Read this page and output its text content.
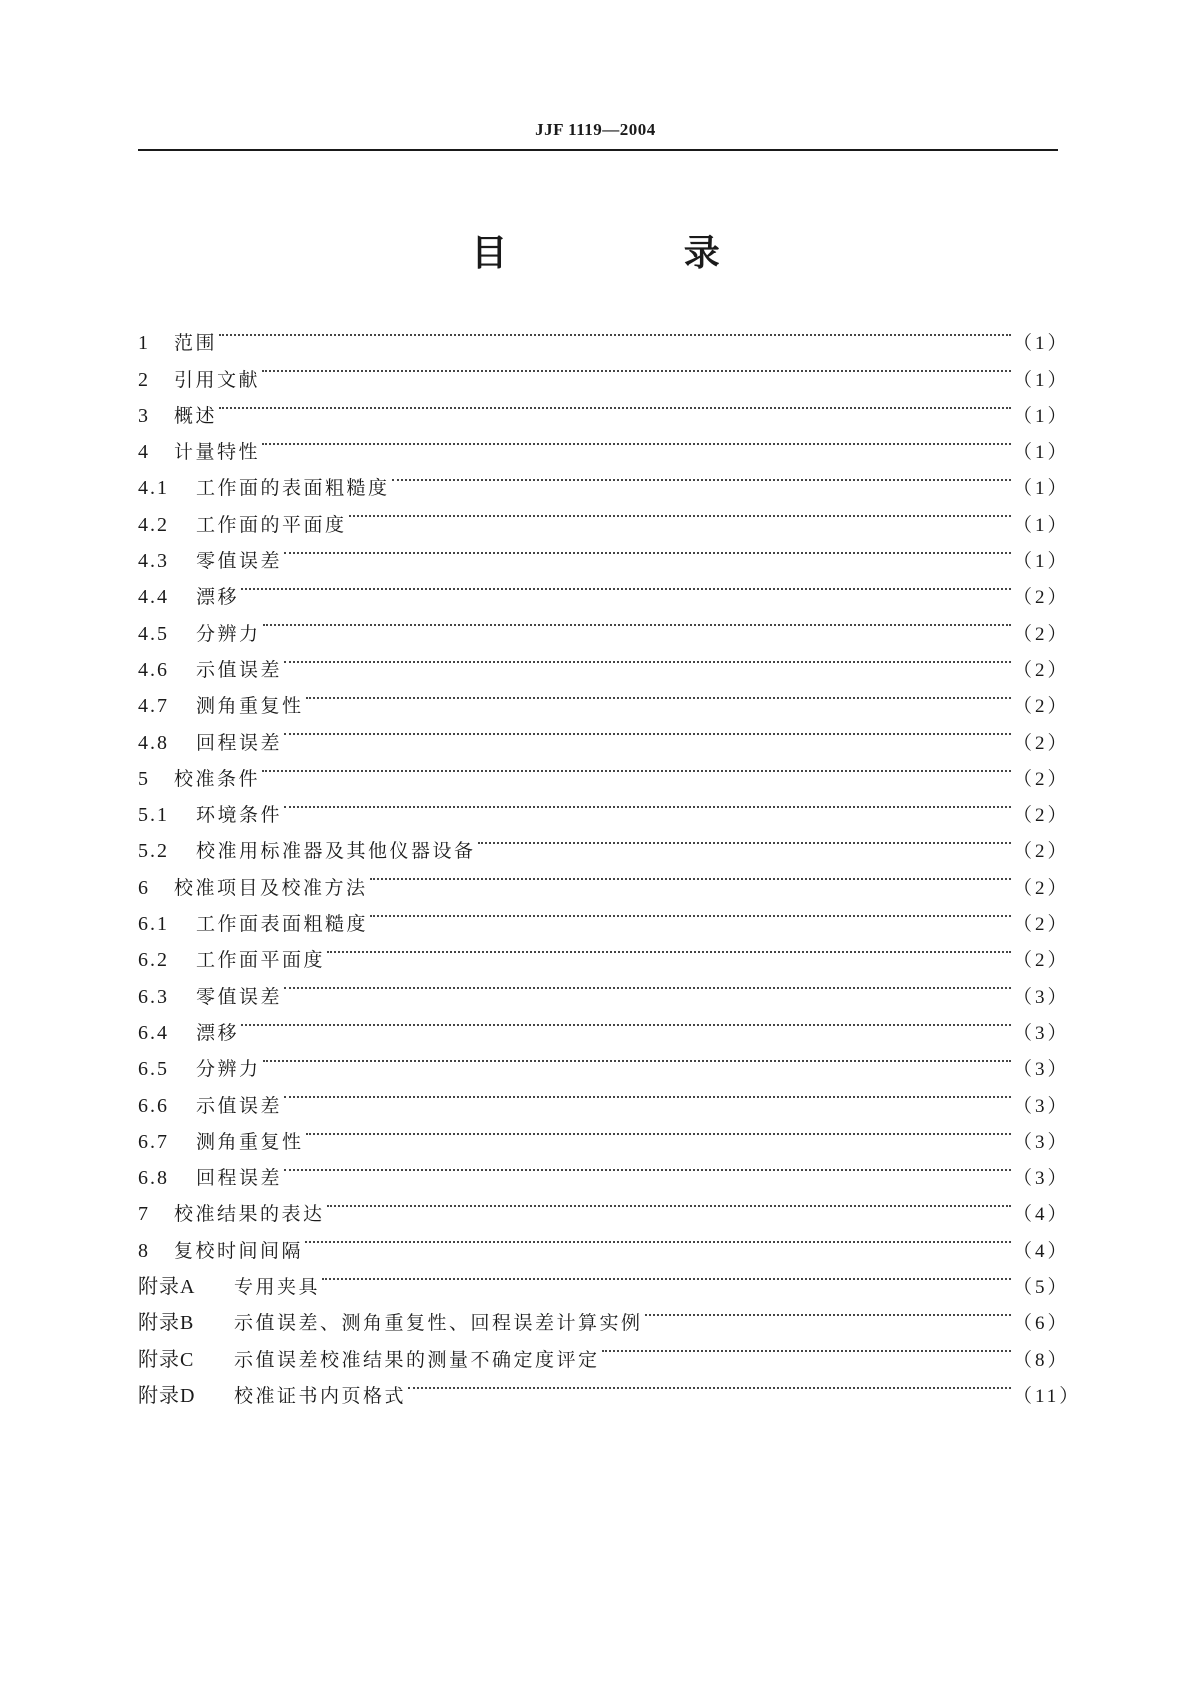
JJF 1119—2004
目 录
1	范围	（1）
2	引用文献	（1）
3	概述	（1）
4	计量特性	（1）
4.1	工作面的表面粗糙度	（1）
4.2	工作面的平面度	（1）
4.3	零值误差	（1）
4.4	漂移	（2）
4.5	分辨力	（2）
4.6	示值误差	（2）
4.7	测角重复性	（2）
4.8	回程误差	（2）
5	校准条件	（2）
5.1	环境条件	（2）
5.2	校准用标准器及其他仪器设备	（2）
6	校准项目及校准方法	（2）
6.1	工作面表面粗糙度	（2）
6.2	工作面平面度	（2）
6.3	零值误差	（3）
6.4	漂移	（3）
6.5	分辨力	（3）
6.6	示值误差	（3）
6.7	测角重复性	（3）
6.8	回程误差	（3）
7	校准结果的表达	（4）
8	复校时间间隔	（4）
附录A	专用夹具	（5）
附录B	示值误差、测角重复性、回程误差计算实例	（6）
附录C	示值误差校准结果的测量不确定度评定	（8）
附录D	校准证书内页格式	（11）
